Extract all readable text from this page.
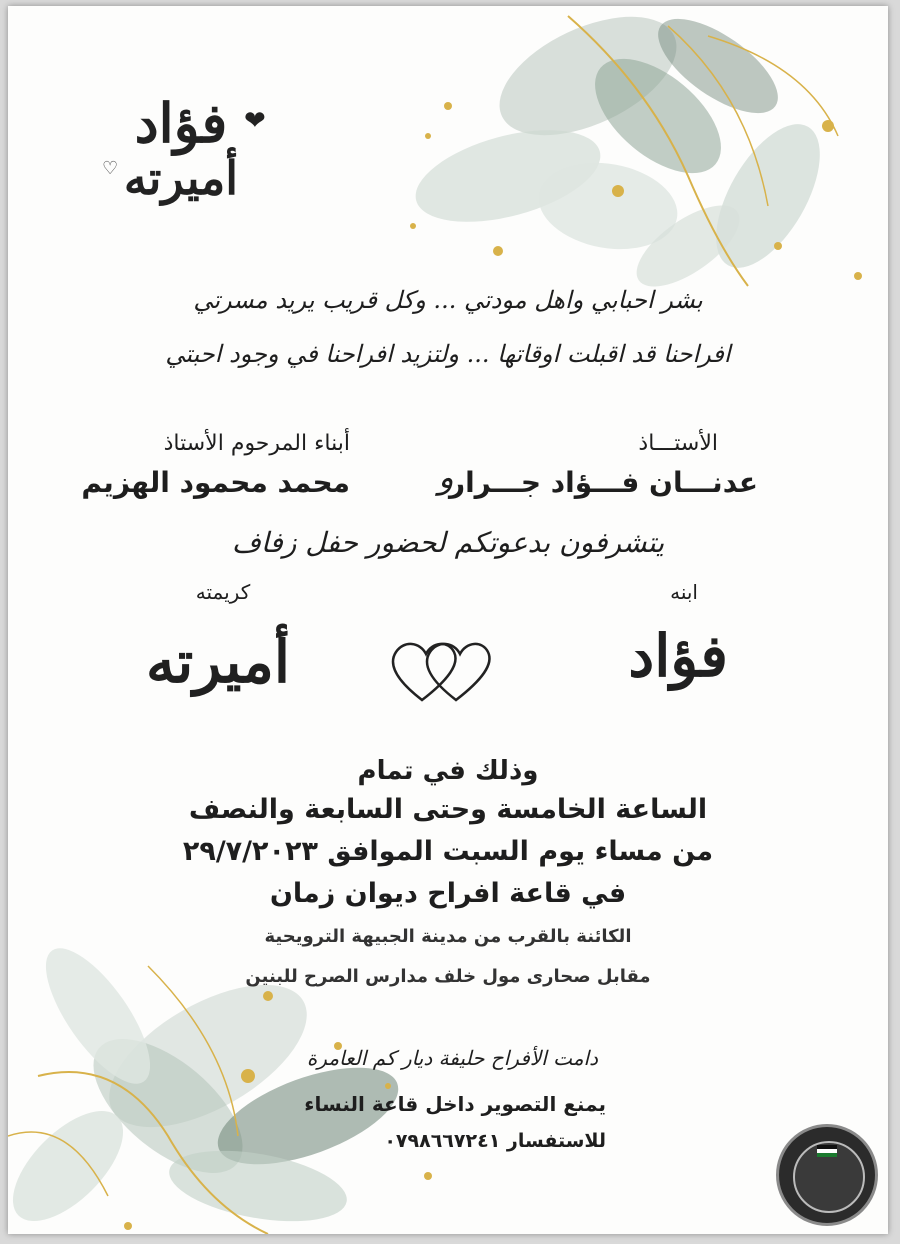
فؤاد
أميرته
❤
♡
بشر احبابي واهل مودتي ... وكل قريب يريد مسرتي
افراحنا قد اقبلت اوقاتها ... ولتزيد افراحنا في وجود احبتي
الأستـــاذ
عدنـــان فـــؤاد جـــرار
و
أبناء المرحوم الأستاذ
محمد محمود الهزيم
يتشرفون بدعوتكم لحضور حفل زفاف
ابنه
فؤاد
كريمته
أميرته
وذلك في تمام
الساعة الخامسة وحتى السابعة والنصف
من مساء يوم السبت الموافق ٢٩/٧/٢٠٢٣
في قاعة افراح ديوان زمان
الكائنة بالقرب من مدينة الجبيهة الترويحية
مقابل صحارى مول خلف مدارس الصرح للبنين
دامت الأفراح حليفة ديار كم العامرة
يمنع التصوير داخل قاعة النساء
للاستفسار ٠٧٩٨٦٦٧٢٤١
